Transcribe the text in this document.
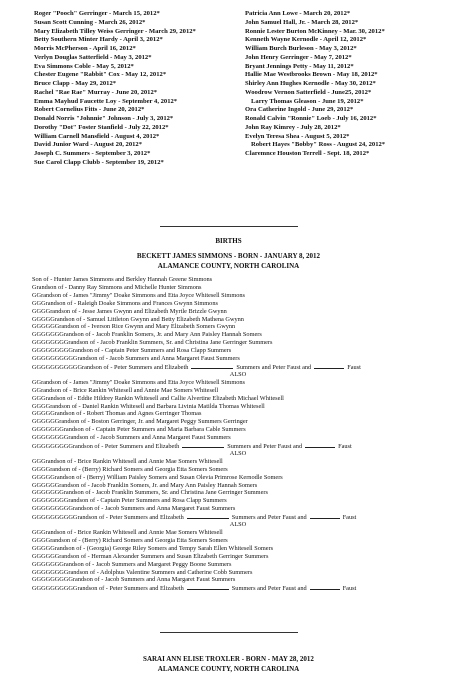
Roger "Pooch" Gerringer - March 15, 2012*
Susan Scott Cunning - March 26, 2012*
Mary Elizabeth Tilley Weiss Gerringer - March 29, 2012*
Betty Southern Minter Hardy - April 3, 2012*
Morris McPherson - April 16, 2012*
Verlyn Douglas Satterfield - May 3, 2012*
Eva Simmons Coble - May 5, 2012*
Chester Eugene "Rabbit" Cox - May 12, 2012*
Bruce Clapp - May 29, 2012*
Rachel "Rae Rae" Murray - June 20, 2012*
Emma Mayhud Faucette Loy - September 4, 2012*
Robert Cornelius Fitts - June 20, 2012*
Donald Norris "Johnnie" Johnson - July 3, 2012*
Dorothy "Dot" Foster Stanfield - July 22, 2012*
William Carnell Mansfield - August 4, 2012*
David Junior Ward - August 20, 2012*
Joseph C. Summers - September 3, 2012*
Sue Carol Clapp Clubb - September 19, 2012*
Patricia Ann Lowe - March 20, 2012*
John Samuel Hall, Jr. - March 28, 2012*
Ronnie Lester Burton McKinney - Mar. 30, 2012*
Kenneth Wayne Kernodle - April 12, 2012*
William Burch Burleson - May 3, 2012*
John Henry Gerringer - May 7, 2012*
Bryant Jennings Petty - May 11, 2012*
Hallie Mae Westbrooks Brown - May 18, 2012*
Shirley Ann Hughes Kernodle - May 30, 2012*
Woodrow Vernon Satterfield - June25, 2012*
Larry Thomas Gleason - June 19, 2012*
Ora Catherine Ingold - June 29, 2012*
Ronald Calvin "Ronnie" Loeb - July 16, 2012*
John Ray Kimrey - July 28, 2012*
Evelyn Teresa Shea - August 5, 2012*
Robert Hayes "Bobby" Ross - August 24, 2012*
Claremnce Houston Terrell - Sept. 18, 2012*
BIRTHS
BECKETT JAMES SIMMONS - BORN - JANUARY 8, 2012
ALAMANCE COUNTY, NORTH CAROLINA
Son of - Hunter James Simmons and Berkley Hannah Greene Simmons
Grandson of - Danny Ray Simmons and Michelle Hunter Simmons
GGrandson of - James "Jimmy" Doake Simmons and Etta Joyce Whitesell Simmons
GGGrandson of - Raleigh Doake Simmons and Frances Gwynn Simmons
GGGGrandson of - Jesse James Gwynn and Elizabeth Myrtle Brizzle Gwynn
GGGGGrandson of - Samuel Littleton Gwynn and Betty Elizabeth Mathena Gwynn
GGGGGGrandson of - Iverson Rice Gwynn and Mary Elizabeth Somers Gwynn
GGGGGGGrandson of - Jacob Franklin Somers, Jr. and Mary Ann Paisley Hannah Somers
GGGGGGGGrandson of - Jacob Franklin Summers, Sr. and Christina Jane Gerringer Summers
GGGGGGGGGrandson of - Captain Peter Summers and Rosa Clapp Summers
GGGGGGGGGGrandson of - Jacob Summers and Anna Margaret Faust Summers
GGGGGGGGGGGrandson of - Peter Summers and Elizabeth	Summers and Peter Faust and	Faust
ALSO
GGrandson of - James "Jimmy" Doake Simmons and Etta Joyce Whitesell Simmons
GGrandson of - Brice Rankin Whitesell and Annie Mae Somers Whitesell
GGGrandson of - Eddie Hildrey Rankin Whitesell and Callie Alvertine Elizabeth Michael Whitesell
GGGGrandson of - Daniel Rankin Whitesell and Barbara Livinia Matilda Thomas Whitesell
GGGGGrandson of - Robert Thomas and Agnes Gerringer Thomas
GGGGGGrandson of - Boston Gerringer, Jr. and Margaret Peggy Summers Gerringer
GGGGGGGrandson of - Captain Peter Summers and Maria Barbara Cable Summers
GGGGGGGGrandson of - Jacob Summers and Anna Margaret Faust Summers
GGGGGGGGGrandson of - Peter Summers and Elizabeth	Summers and Peter Faust and	Faust
ALSO
GGGrandson of - Brice Rankin Whitesell and Annie Mae Somers Whitesell
GGGGrandson of - (Berry) Richard Somers and Georgia Etta Somers Somers
GGGGGrandson of - (Berry) William Paisley Somers and Susan Olevia Primrose Kernodle Somers
GGGGGGrandson of - Jacob Franklin Somers, Jr. and Mary Ann Paisley Hannah Somers
GGGGGGGrandson of - Jacob Franklin Summers, Sr. and Christina Jane Gerringer Summers
GGGGGGGGrandson of - Captain Peter Summers and Rosa Clapp Summers
GGGGGGGGGrandson of - Jacob Summers and Anna Margaret Faust Summers
GGGGGGGGGGrandson of - Peter Summers and Elizabeth	Summers and Peter Faust and	Faust
ALSO
GGGrandson of - Brice Rankin Whitesell and Annie Mae Somers Whitesell
GGGGrandson of - (Berry) Richard Somers and Georgia Etta Somers Somers
GGGGGrandson of - (Georgia) George Riley Somers and Tempy Sarah Ellen Whitesell Somers
GGGGGGrandson of - Herman Alexander Summers and Susan Elizabeth Gerringer Summers
GGGGGGGrandson of - Jacob Summers and Margaret Peggy Boone Summers
GGGGGGGGrandson of - Adolphus Valentine Summers and Catherine Cobb Summers
GGGGGGGGGrandson of - Jacob Summers and Anna Margaret Faust Summers
GGGGGGGGGGrandson of - Peter Summers and Elizabeth	Summers and Peter Faust and	Faust
SARAI ANN ELISE TROXLER - BORN - MAY 28, 2012
ALAMANCE COUNTY, NORTH CAROLINA
